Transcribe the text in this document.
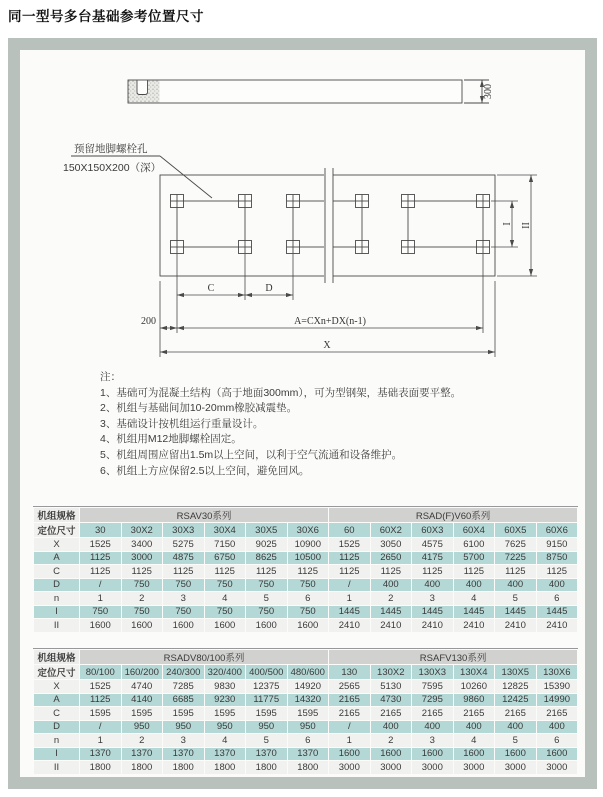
同一型号多台基础参考位置尺寸
预留地脚螺栓孔
150X150X200（深）
300
C	D
A=CXn+DX(n-1)
200
X
I II
注：
1、基础可为混凝土结构（高于地面300mm），可为型钢架，基础表面要平整。
2、机组与基础间加10-20mm橡胶减震垫。
3、基础设计按机组运行重量设计。
4、机组用M12地脚螺栓固定。
5、机组周围应留出1.5m以上空间，以利于空气流通和设备维护。
6、机组上方应保留2.5以上空间，避免回风。
机组规格	RSAV30系列						RSAD(F)V60系列					
定位尺寸	30	30X2	30X3	30X4	30X5	30X6	60	60X2	60X3	60X4	60X5	60X6
X	1525	3400	5275	7150	9025	10900	1525	3050	4575	6100	7625	9150
A	1125	3000	4875	6750	8625	10500	1125	2650	4175	5700	7225	8750
C	1125	1125	1125	1125	1125	1125	1125	1125	1125	1125	1125	1125
D	/	750	750	750	750	750	/	400	400	400	400	400
n	1	2	3	4	5	6	1	2	3	4	5	6
I	750	750	750	750	750	750	1445	1445	1445	1445	1445	1445
II	1600	1600	1600	1600	1600	1600	2410	2410	2410	2410	2410	2410
机组规格	RSADV80/100系列						RSAFV130系列					
定位尺寸	80/100	160/200	240/300	320/400	400/500	480/600	130	130X2	130X3	130X4	130X5	130X6
X	1525	4740	7285	9830	12375	14920	2565	5130	7595	10260	12825	15390
A	1125	4140	6685	9230	11775	14320	2165	4730	7295	9860	12425	14990
C	1595	1595	1595	1595	1595	1595	2165	2165	2165	2165	2165	2165
D	/	950	950	950	950	950	/	400	400	400	400	400
n	1	2	3	4	5	6	1	2	3	4	5	6
I	1370	1370	1370	1370	1370	1370	1600	1600	1600	1600	1600	1600
II	1800	1800	1800	1800	1800	1800	3000	3000	3000	3000	3000	3000
